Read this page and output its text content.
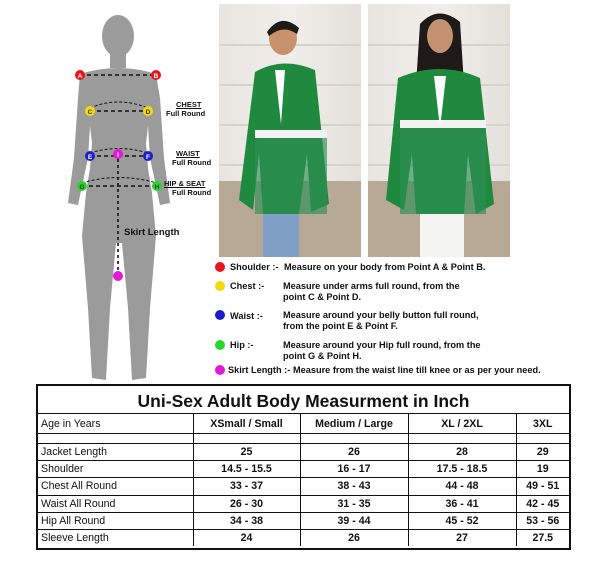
A	B
C	D
E	F
I
G	H
CHEST
Full Round
WAIST
Full Round
HIP & SEAT
Full Round
Skirt Length
Shoulder :- Measure on your body from Point A & Point B.
Chest :- Measure under arms full round, from the
point C & Point D.
Waist :- Measure around your belly button full round,
from the point E & Point F.
Hip :-	Measure around your Hip full round, from the
point G & Point H.
Skirt Length :- Measure from the waist line till knee or as per your need.
Uni-Sex Adult Body Measurment in Inch
Age in Years	XSmall / Small	Medium / Large	XL / 2XL	3XL

Jacket Length	25	26	28	29
Shoulder	14.5 - 15.5	16 - 17	17.5 - 18.5	19
Chest All Round	33 - 37	38 - 43	44 - 48	49 - 51
Waist All Round	26 - 30	31 - 35	36 - 41	42 - 45
Hip All Round	34 - 38	39 - 44	45 - 52	53 - 56
Sleeve Length	24	26	27	27.5
